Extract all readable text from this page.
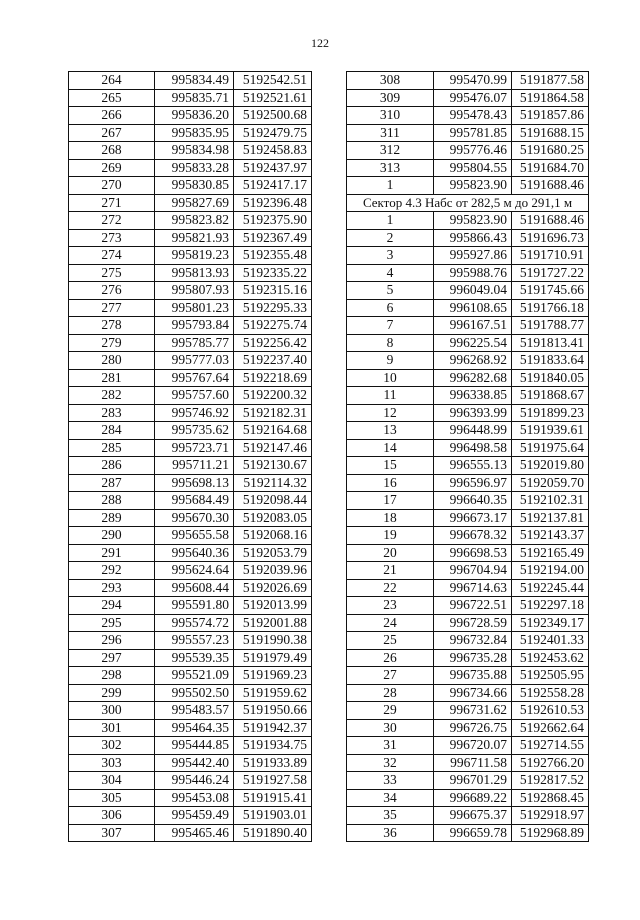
122
264	995834.49	5192542.51
265	995835.71	5192521.61
266	995836.20	5192500.68
267	995835.95	5192479.75
268	995834.98	5192458.83
269	995833.28	5192437.97
270	995830.85	5192417.17
271	995827.69	5192396.48
272	995823.82	5192375.90
273	995821.93	5192367.49
274	995819.23	5192355.48
275	995813.93	5192335.22
276	995807.93	5192315.16
277	995801.23	5192295.33
278	995793.84	5192275.74
279	995785.77	5192256.42
280	995777.03	5192237.40
281	995767.64	5192218.69
282	995757.60	5192200.32
283	995746.92	5192182.31
284	995735.62	5192164.68
285	995723.71	5192147.46
286	995711.21	5192130.67
287	995698.13	5192114.32
288	995684.49	5192098.44
289	995670.30	5192083.05
290	995655.58	5192068.16
291	995640.36	5192053.79
292	995624.64	5192039.96
293	995608.44	5192026.69
294	995591.80	5192013.99
295	995574.72	5192001.88
296	995557.23	5191990.38
297	995539.35	5191979.49
298	995521.09	5191969.23
299	995502.50	5191959.62
300	995483.57	5191950.66
301	995464.35	5191942.37
302	995444.85	5191934.75
303	995442.40	5191933.89
304	995446.24	5191927.58
305	995453.08	5191915.41
306	995459.49	5191903.01
307	995465.46	5191890.40
308	995470.99	5191877.58
309	995476.07	5191864.58
310	995478.43	5191857.86
311	995781.85	5191688.15
312	995776.46	5191680.25
313	995804.55	5191684.70
1	995823.90	5191688.46
Сектор 4.3 Набс от 282,5 м до 291,1 м		
1	995823.90	5191688.46
2	995866.43	5191696.73
3	995927.86	5191710.91
4	995988.76	5191727.22
5	996049.04	5191745.66
6	996108.65	5191766.18
7	996167.51	5191788.77
8	996225.54	5191813.41
9	996268.92	5191833.64
10	996282.68	5191840.05
11	996338.85	5191868.67
12	996393.99	5191899.23
13	996448.99	5191939.61
14	996498.58	5191975.64
15	996555.13	5192019.80
16	996596.97	5192059.70
17	996640.35	5192102.31
18	996673.17	5192137.81
19	996678.32	5192143.37
20	996698.53	5192165.49
21	996704.94	5192194.00
22	996714.63	5192245.44
23	996722.51	5192297.18
24	996728.59	5192349.17
25	996732.84	5192401.33
26	996735.28	5192453.62
27	996735.88	5192505.95
28	996734.66	5192558.28
29	996731.62	5192610.53
30	996726.75	5192662.64
31	996720.07	5192714.55
32	996711.58	5192766.20
33	996701.29	5192817.52
34	996689.22	5192868.45
35	996675.37	5192918.97
36	996659.78	5192968.89
